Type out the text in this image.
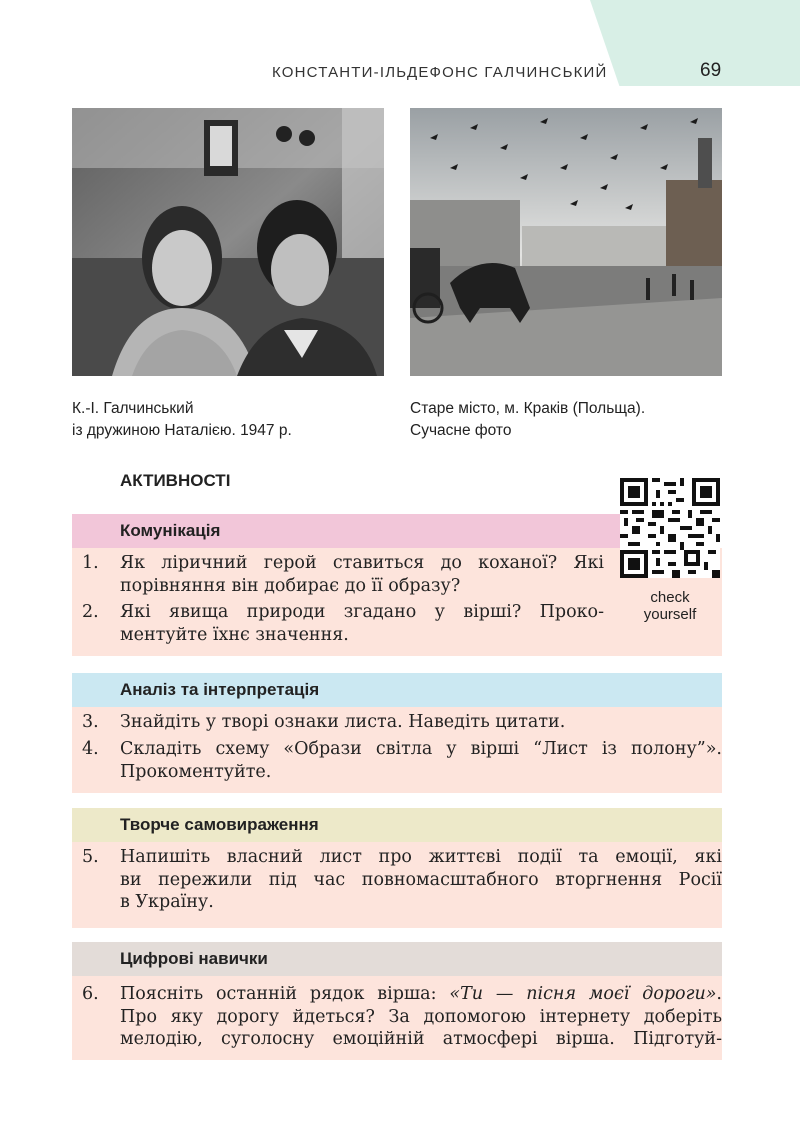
КОНСТАНТИ-ІЛЬДЕФОНС ГАЛЧИНСЬКИЙ	69
К.-І. Галчинський
із дружиною Наталією. 1947 р.
Старе місто, м. Краків (Польща).
Сучасне фото
АКТИВНОСТІ
Комунікація
1. Як ліричний герой ставиться до коханої? Які
порівняння він добирає до її образу?
2. Які явища природи згадано у вірші? Проко-
ментуйте їхнє значення.
check
yourself
Аналіз та інтерпретація
3. Знайдіть у творі ознаки листа. Наведіть цитати.
4. Складіть схему «Образи світла у вірші “Лист із полону”».
Прокоментуйте.
Творче самовираження
5. Напишіть власний лист про життєві події та емоції, які
ви пережили під час повномасштабного вторгнення Росії
в Україну.
Цифрові навички
6. Поясніть останній рядок вірша: «Ти — пісня моєї дороги».
Про яку дорогу йдеться? За допомогою інтернету доберіть
мелодію, суголосну емоційній атмосфері вірша. Підготуй-
